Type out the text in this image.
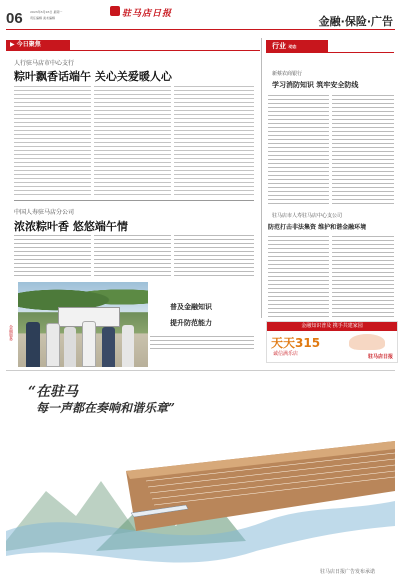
06 2023年6月26日 星期一
责任编辑 美术编辑	驻马店日报
金融·保险·广告
▶ 今日聚焦
人行驻马店市中心支行
粽叶飘香话端午 关心关爱暖人心
中国人寿驻马店分公司
浓浓粽叶香 悠悠端午情
金融服务
普及金融知识
提升防范能力
行业 动态
新蔡农商银行
学习消防知识 筑牢安全防线
驻马店市人寿驻马店中心支公司
防范打击非法集资 维护和谐金融环境
金融知识普及 携手共建家园
天天315
诚信满乐店	驻马店日报
“在驻马
每一声都在奏响和谐乐章”
驻马店日报广告发布承诺
